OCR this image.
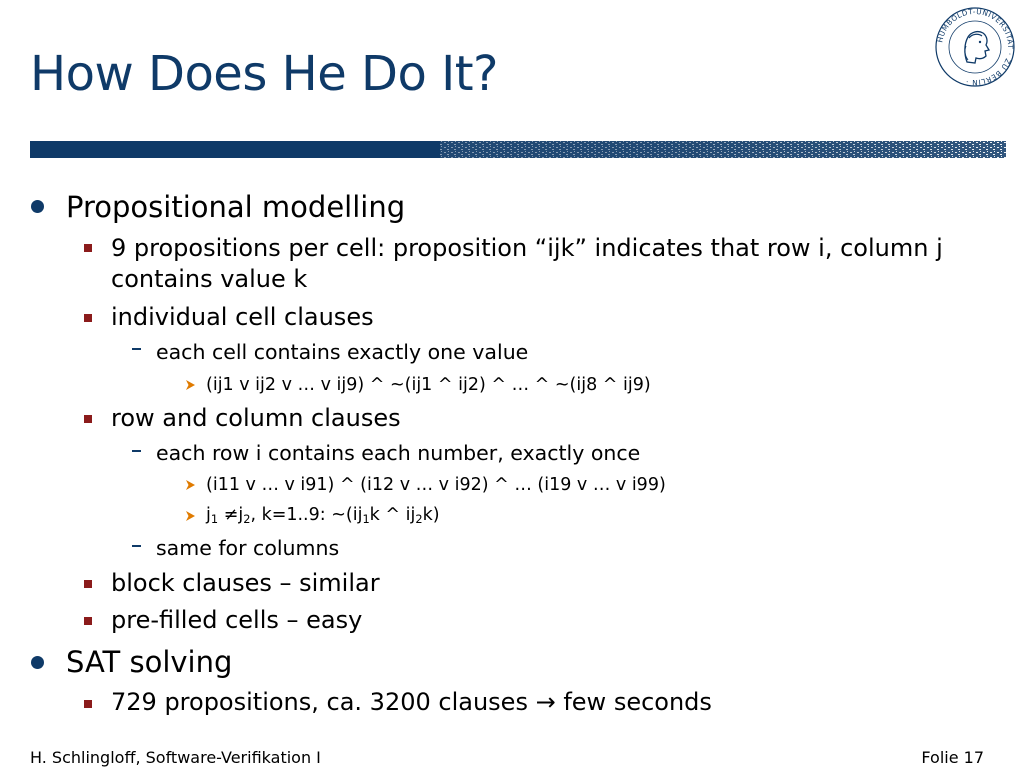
How Does He Do It?
HUMBOLDT-UNIVERSITÄT · ZU BERLIN ·
Propositional modelling
9 propositions per cell: proposition “ijk” indicates that row i, column j
contains value k
individual cell clauses
each cell contains exactly one value
(ij1 v ij2 v … v ij9) ^ ~(ij1 ^ ij2) ^ … ^ ~(ij8 ^ ij9)
row and column clauses
each row i contains each number, exactly once
(i11 v … v i91) ^ (i12 v … v i92) ^ … (i19 v … v i99)
$j_1 \ne j_2$, k=1..9: $\sim(ij_1k$ ^ $ij_2k$)
same for columns
block clauses – similar
pre-filled cells – easy
SAT solving
729 propositions, ca. 3200 clauses → few seconds
H. Schlingloff, Software-Verifikation I	Folie 17
